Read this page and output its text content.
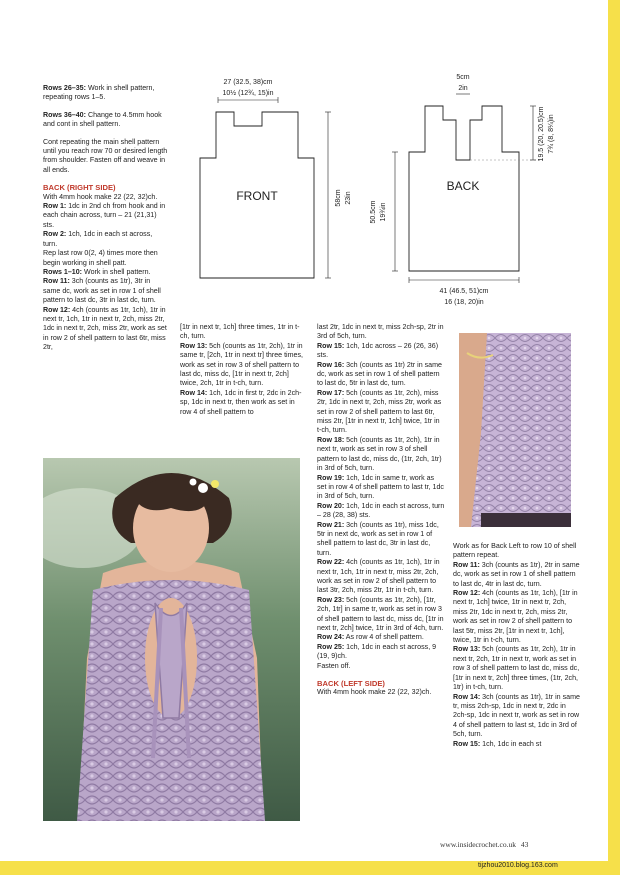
Rows 26–35: Work in shell pattern, repeating rows 1–5.

Rows 36–40: Change to 4.5mm hook and cont in shell pattern.

Cont repeating the main shell pattern until you reach row 70 or desired length from shoulder. Fasten off and weave in all ends.

BACK (RIGHT SIDE)

With 4mm hook make 22 (22, 32)ch.

Row 1: 1dc in 2nd ch from hook and in each chain across, turn – 21 (21,31) sts.

Row 2: 1ch, 1dc in each st across, turn.

Rep last row 0(2, 4) times more then begin working in shell patt.

Rows 1–10: Work in shell pattern.

Row 11: 3ch (counts as 1tr), 3tr in same dc, work as set in row 1 of shell pattern to last dc, 3tr in last dc, turn.

Row 12: 4ch (counts as 1tr, 1ch), 1tr in next tr, 1ch, 1tr in next tr, 2ch, miss 2tr, 1dc in next tr, 2ch, miss 2tr, work as set in row 2 of shell pattern to last 6tr, miss 2tr,

[1tr in next tr, 1ch] three times, 1tr in t-ch, turn.

Row 13: 5ch (counts as 1tr, 2ch), 1tr in same tr, [2ch, 1tr in next tr] three times, work as set in row 3 of shell pattern to last dc, miss dc, [1tr in next tr, 2ch] twice, 2ch, 1tr in t-ch, turn.

Row 14: 1ch, 1dc in first tr, 2dc in 2ch-sp, 1dc in next tr, then work as set in row 4 of shell pattern to

last 2tr, 1dc in next tr, miss 2ch-sp, 2tr in 3rd of 5ch, turn.

Row 15: 1ch, 1dc across – 26 (26, 36) sts.

Row 16: 3ch (counts as 1tr) 2tr in same dc, work as set in row 1 of shell pattern to last dc, 5tr in last dc, turn.

Row 17: 5ch (counts as 1tr, 2ch), miss 2tr, 1dc in next tr, 2ch, miss 2tr, work as set in row 2 of shell pattern to last 6tr, miss 2tr, [1tr in next tr, 1ch] twice, 1tr in t-ch, turn.

Row 18: 5ch (counts as 1tr, 2ch), 1tr in next tr, work as set in row 3 of shell pattern to last dc, miss dc, (1tr, 2ch, 1tr) in 3rd of 5ch, turn.

Row 19: 1ch, 1dc in same tr, work as set in row 4 of shell pattern to last tr, 1dc in 3rd of 5ch, turn.

Row 20: 1ch, 1dc in each st across, turn – 28 (28, 38) sts.

Row 21: 3ch (counts as 1tr), miss 1dc, 5tr in next dc, work as set in row 1 of shell pattern to last dc, 3tr in last dc, turn.

Row 22: 4ch (counts as 1tr, 1ch), 1tr in next tr, 1ch, 1tr in next tr, miss 2tr, 2ch, work as set in row 2 of shell pattern to last 3tr, 2ch, miss 2tr, 1tr in t-ch, turn.

Row 23: 5ch (counts as 1tr, 2ch), [1tr, 2ch, 1tr] in same tr, work as set in row 3 of shell pattern to last dc, miss dc, [1tr in next tr, 2ch] twice, 1tr in 3rd of 4ch, turn.

Row 24: As row 4 of shell pattern.

Row 25: 1ch, 1dc in each st across, 9 (19, 9)ch.

Fasten off.

BACK (LEFT SIDE)

With 4mm hook make 22 (22, 32)ch.

Work as for Back Left to row 10 of shell pattern repeat.

Row 11: 3ch (counts as 1tr), 2tr in same dc, work as set in row 1 of shell pattern to last dc, 4tr in last dc, turn.

Row 12: 4ch (counts as 1tr, 1ch), [1tr in next tr, 1ch] twice, 1tr in next tr, 2ch, miss 2tr, 1dc in next tr, 2ch, miss 2tr, work as set in row 2 of shell pattern to last 5tr, miss 2tr, [1tr in next tr, 1ch], twice, 1tr in t-ch, turn.

Row 13: 5ch (counts as 1tr, 2ch), 1tr in next tr, 2ch, 1tr in next tr, work as set in row 3 of shell pattern to last dc, miss dc, [1tr in next tr, 2ch] three times, (1tr, 2ch, 1tr) in t-ch, turn.

Row 14: 3ch (counts as 1tr), 1tr in same tr, miss 2ch-sp, 1dc in next tr, 2dc in 2ch-sp, 1dc in next tr, work as set in row 4 of shell pattern to last st, 1dc in 3rd of 5ch, turn.

Row 15: 1ch, 1dc in each st

27 (32.5, 38)cm
10½ (12¾, 15)in
FRONT	58cm 23in
5cm
2in
BACK
50.5cm 19¾in
19.5 (20, 20.5)cm 7¾ (8, 8¼)in
41 (46.5, 51)cm
16 (18, 20)in
www.insidecrochet.co.uk 43
tijzhou2010.blog.163.com
